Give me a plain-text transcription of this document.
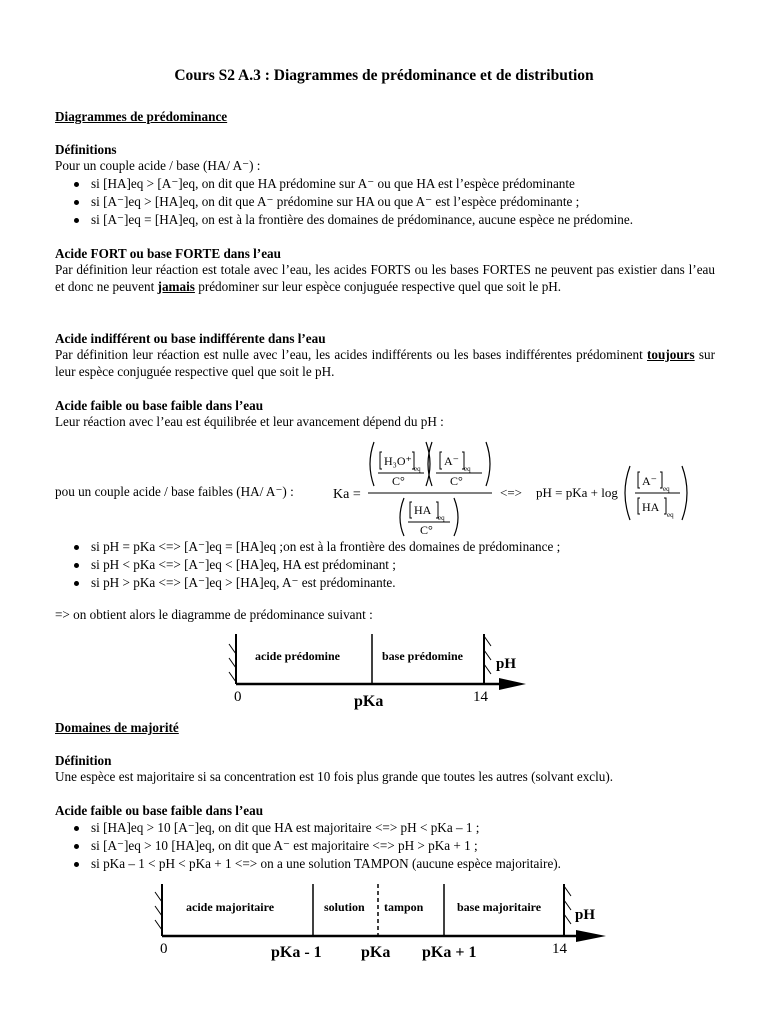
Cours S2 A.3 : Diagrammes de prédominance et de distribution
Diagrammes de prédominance
Définitions
Pour un couple acide / base (HA/ A⁻) :
si [HA]eq > [A⁻]eq, on dit que HA prédomine sur A⁻ ou que HA est l’espèce prédominante
si [A⁻]eq > [HA]eq, on dit que A⁻ prédomine sur HA ou que A⁻ est l’espèce prédominante ;
si [A⁻]eq = [HA]eq, on est à la frontière des domaines de prédominance, aucune espèce ne prédomine.
Acide FORT ou base FORTE dans l’eau
Par définition leur réaction est totale avec l’eau, les acides FORTS ou les bases FORTES ne peuvent pas existier dans l’eau et donc ne peuvent jamais prédominer sur leur espèce conjuguée respective quel que soit le pH.
Acide indifférent ou base indifférente dans l’eau
Par définition leur réaction est nulle avec l’eau, les acides indifférents ou les bases indifférentes prédominent toujours sur leur espèce conjuguée respective quel que soit le pH.
Acide faible ou base faible dans l’eau
Leur réaction avec l’eau est équilibrée et leur avancement dépend du pH :
pou un couple acide / base faibles (HA/ A⁻) :	Ka =
H₃O⁺
eq
C°
A⁻
eq
C°
HA
eq
C°
<=> pH = pKa + log
A⁻
eq
HA
eq
si pH = pKa <=> [A⁻]eq = [HA]eq ;on est à la frontière des domaines de prédominance ;
si pH < pKa <=> [A⁻]eq < [HA]eq, HA est prédominant ;
si pH > pKa <=> [A⁻]eq > [HA]eq, A⁻ est prédominante.
=> on obtient alors le diagramme de prédominance suivant :
acide prédomine	base prédomine pH
0	pKa	14
Domaines de majorité
Définition
Une espèce est majoritaire si sa concentration est 10 fois plus grande que toutes les autres (solvant exclu).
Acide faible ou base faible dans l’eau
si [HA]eq > 10 [A⁻]eq, on dit que HA est majoritaire <=> pH < pKa – 1 ;
si [A⁻]eq > 10 [HA]eq, on dit que A⁻ est majoritaire <=> pH > pKa + 1 ;
si pKa – 1 < pH < pKa + 1 <=> on a une solution TAMPON (aucune espèce majoritaire).
acide majoritaire	solution tampon	base majoritaire pH
0	pKa - 1 pKa pKa + 1	14
